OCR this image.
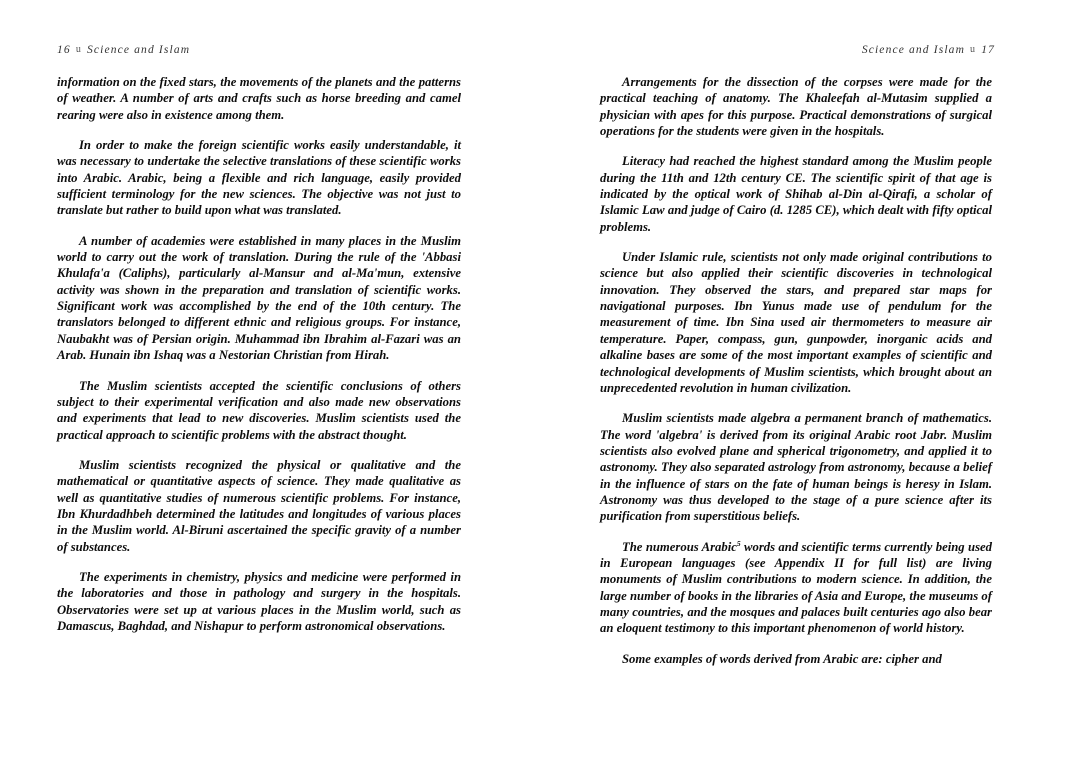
16 u Science and Islam

information on the fixed stars, the movements of the planets and the patterns of weather. A number of arts and crafts such as horse breeding and camel rearing were also in existence among them.

In order to make the foreign scientific works easily understandable, it was necessary to undertake the selective translations of these scientific works into Arabic. Arabic, being a flexible and rich language, easily provided sufficient terminology for the new sciences. The objective was not just to translate but rather to build upon what was translated.

A number of academies were established in many places in the Muslim world to carry out the work of translation. During the rule of the 'Abbasi Khulafa'a (Caliphs), particularly al-Mansur and al-Ma'mun, extensive activity was shown in the preparation and translation of scientific works. Significant work was accomplished by the end of the 10th century. The translators belonged to different ethnic and religious groups. For instance, Naubakht was of Persian origin. Muhammad ibn Ibrahim al-Fazari was an Arab. Hunain ibn Ishaq was a Nestorian Christian from Hirah.

The Muslim scientists accepted the scientific conclusions of others subject to their experimental verification and also made new observations and experiments that lead to new discoveries. Muslim scientists used the practical approach to scientific problems with the abstract thought.

Muslim scientists recognized the physical or qualitative and the mathematical or quantitative aspects of science. They made qualitative as well as quantitative studies of numerous scientific problems. For instance, Ibn Khurdadhbeh determined the latitudes and longitudes of various places in the Muslim world. Al-Biruni ascertained the specific gravity of a number of substances.

The experiments in chemistry, physics and medicine were performed in the laboratories and those in pathology and surgery in the hospitals. Observatories were set up at various places in the Muslim world, such as Damascus, Baghdad, and Nishapur to perform astronomical observations.

Science and Islam u 17

Arrangements for the dissection of the corpses were made for the practical teaching of anatomy. The Khaleefah al-Mutasim supplied a physician with apes for this purpose. Practical demonstrations of surgical operations for the students were given in the hospitals.

Literacy had reached the highest standard among the Muslim people during the 11th and 12th century CE. The scientific spirit of that age is indicated by the optical work of Shihab al-Din al-Qirafi, a scholar of Islamic Law and judge of Cairo (d. 1285 CE), which dealt with fifty optical problems.

Under Islamic rule, scientists not only made original contributions to science but also applied their scientific discoveries in technological innovation. They observed the stars, and prepared star maps for navigational purposes. Ibn Yunus made use of pendulum for the measurement of time. Ibn Sina used air thermometers to measure air temperature. Paper, compass, gun, gunpowder, inorganic acids and alkaline bases are some of the most important examples of scientific and technological developments of Muslim scientists, which brought about an unprecedented revolution in human civilization.

Muslim scientists made algebra a permanent branch of mathematics. The word 'algebra' is derived from its original Arabic root Jabr. Muslim scientists also evolved plane and spherical trigonometry, and applied it to astronomy. They also separated astrology from astronomy, because a belief in the influence of stars on the fate of human beings is heresy in Islam. Astronomy was thus developed to the stage of a pure science after its purification from superstitious beliefs.

The numerous Arabic$^5$ words and scientific terms currently being used in European languages (see Appendix II for full list) are living monuments of Muslim contributions to modern science. In addition, the large number of books in the libraries of Asia and Europe, the museums of many countries, and the mosques and palaces built centuries ago also bear an eloquent testimony to this important phenomenon of world history.

Some examples of words derived from Arabic are: cipher and
